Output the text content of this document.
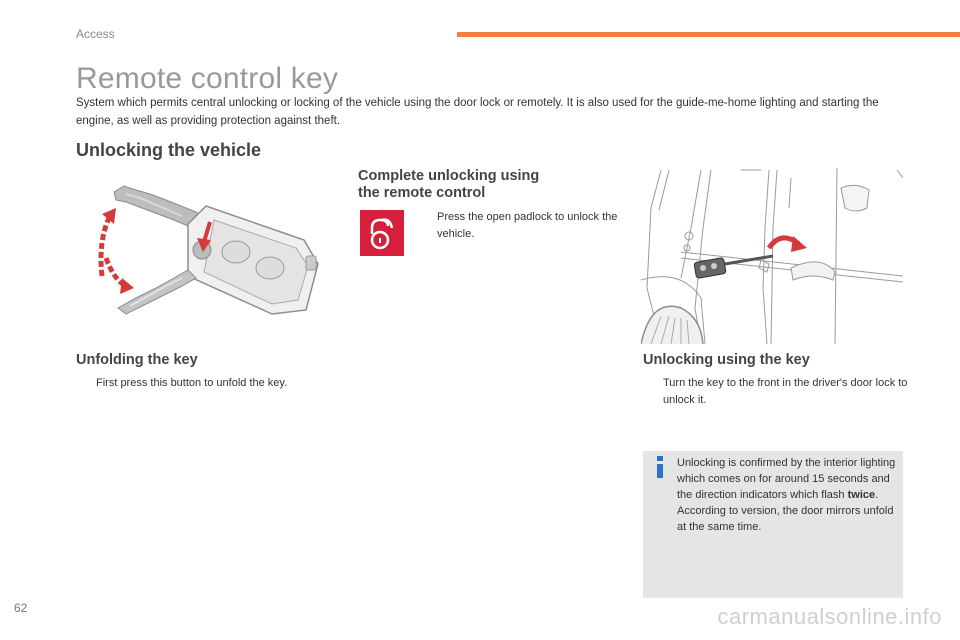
Access
Remote control key
System which permits central unlocking or locking of the vehicle using the door lock or remotely. It is also used for the guide-me-home lighting and starting the engine, as well as providing protection against theft.
Unlocking the vehicle
Unfolding the key
First press this button to unfold the key.
Complete unlocking using
the remote control
Press the open padlock to unlock the vehicle.
Unlocking using the key
Turn the key to the front in the driver's door lock to unlock it.
Unlocking is confirmed by the interior lighting which comes on for around 15 seconds and the direction indicators which flash twice.
According to version, the door mirrors unfold at the same time.
62	carmanualsonline.info
